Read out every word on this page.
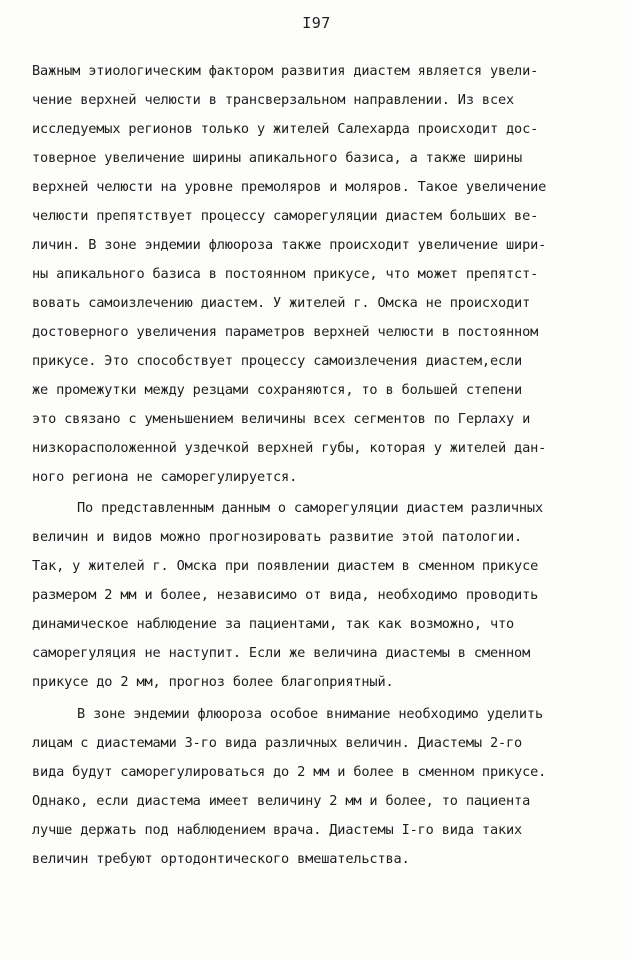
I97
Важным этиологическим фактором развития диастем является увели-
чение верхней челюсти в трансверзальном направлении. Из всех
исследуемых регионов только у жителей Салехарда происходит дос-
товерное увеличение ширины апикального базиса, а также ширины
верхней челюсти на уровне премоляров и моляров. Такое увеличение
челюсти препятствует процессу саморегуляции диастем больших ве-
личин. В зоне эндемии флюороза также происходит увеличение шири-
ны апикального базиса в постоянном прикусе, что может препятст-
вовать самоизлечению диастем. У жителей г. Омска не происходит
достоверного увеличения параметров верхней челюсти в постоянном
прикусе. Это способствует процессу самоизлечения диастем,если
же промежутки между резцами сохраняются, то в большей степени
это связано с уменьшением величины всех сегментов по Герлаху и
низкорасположенной уздечкой верхней губы, которая у жителей дан-
ного региона не саморегулируется.
По представленным данным о саморегуляции диастем различных
величин и видов можно прогнозировать развитие этой патологии.
Так, у жителей г. Омска при появлении диастем в сменном прикусе
размером 2 мм и более, независимо от вида, необходимо проводить
динамическое наблюдение за пациентами, так как возможно, что
саморегуляция не наступит. Если же величина диастемы в сменном
прикусе до 2 мм, прогноз более благоприятный.
В зоне эндемии флюороза особое внимание необходимо уделить
лицам с диастемами 3-го вида различных величин. Диастемы 2-го
вида будут саморегулироваться до 2 мм и более в сменном прикусе.
Однако, если диастема имеет величину 2 мм и более, то пациента
лучше держать под наблюдением врача. Диастемы I-го вида таких
величин требуют ортодонтического вмешательства.
